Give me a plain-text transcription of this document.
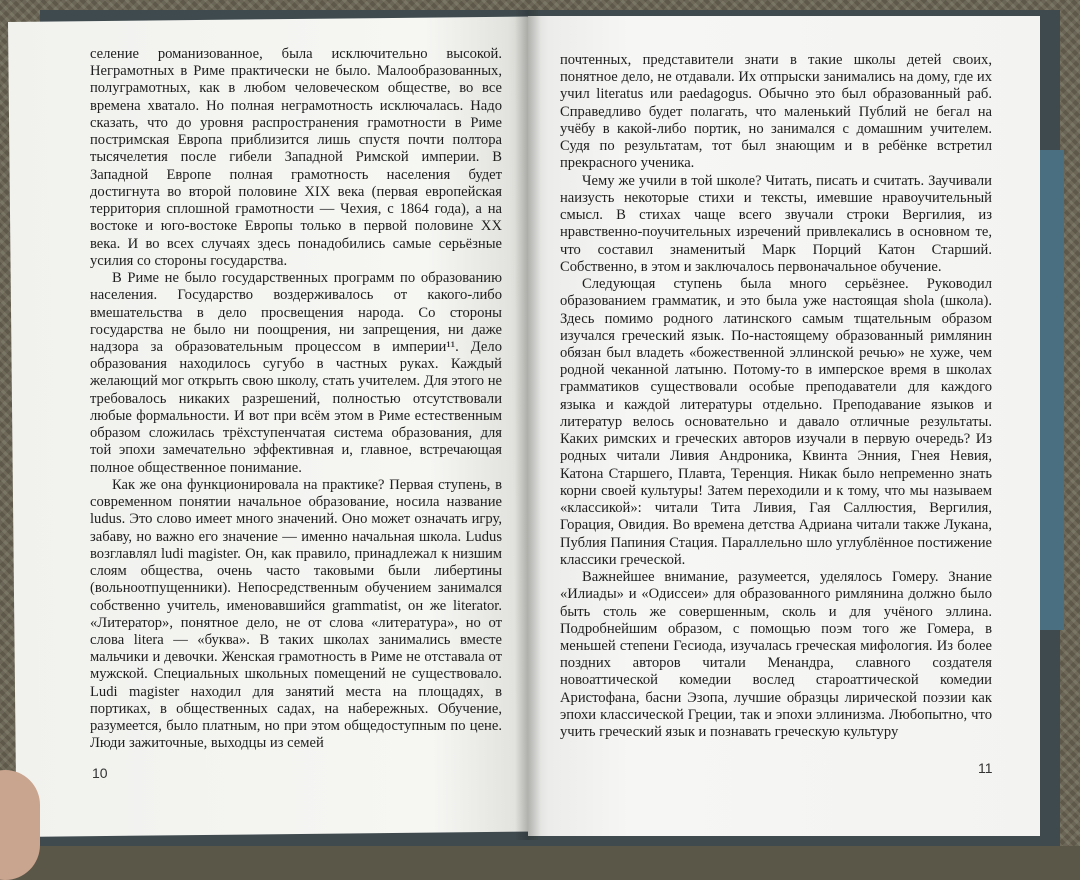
селение романизованное, была исключительно высокой. Неграмотных в Риме практически не было. Малообразованных, полуграмотных, как в любом человеческом обществе, во все времена хватало. Но полная неграмотность исключалась. Надо сказать, что до уровня распространения грамотности в Риме постримская Европа приблизится лишь спустя почти полтора тысячелетия после гибели Западной Римской империи. В Западной Европе полная грамотность населения будет достигнута во второй половине XIX века (первая европейская территория сплошной грамотности — Чехия, с 1864 года), а на востоке и юго-востоке Европы только в первой половине XX века. И во всех случаях здесь понадобились самые серьёзные усилия со стороны государства.

В Риме не было государственных программ по образованию населения. Государство воздерживалось от какого-либо вмешательства в дело просвещения народа. Со стороны государства не было ни поощрения, ни запрещения, ни даже надзора за образовательным процессом в империи¹¹. Дело образования находилось сугубо в частных руках. Каждый желающий мог открыть свою школу, стать учителем. Для этого не требовалось никаких разрешений, полностью отсутствовали любые формальности. И вот при всём этом в Риме естественным образом сложилась трёхступенчатая система образования, для той эпохи замечательно эффективная и, главное, встречающая полное общественное понимание.

Как же она функционировала на практике? Первая ступень, в современном понятии начальное образование, носила название ludus. Это слово имеет много значений. Оно может означать игру, забаву, но важно его значение — именно начальная школа. Ludus возглавлял ludi magister. Он, как правило, принадлежал к низшим слоям общества, очень часто таковыми были либертины (вольноотпущенники). Непосредственным обучением занимался собственно учитель, именовавшийся grammatist, он же literator. «Литератор», понятное дело, не от слова «литература», но от слова litera — «буква». В таких школах занимались вместе мальчики и девочки. Женская грамотность в Риме не отставала от мужской. Специальных школьных помещений не существовало. Ludi magister находил для занятий места на площадях, в портиках, в общественных садах, на набережных. Обучение, разумеется, было платным, но при этом общедоступным по цене. Люди зажиточные, выходцы из семей

почтенных, представители знати в такие школы детей своих, понятное дело, не отдавали. Их отпрыски занимались на дому, где их учил literatus или paedagogus. Обычно это был образованный раб. Справедливо будет полагать, что маленький Публий не бегал на учёбу в какой-либо портик, но занимался с домашним учителем. Судя по результатам, тот был знающим и в ребёнке встретил прекрасного ученика.

Чему же учили в той школе? Читать, писать и считать. Заучивали наизусть некоторые стихи и тексты, имевшие нравоучительный смысл. В стихах чаще всего звучали строки Вергилия, из нравственно-поучительных изречений привлекались в основном те, что составил знаменитый Марк Порций Катон Старший. Собственно, в этом и заключалось первоначальное обучение.

Следующая ступень была много серьёзнее. Руководил образованием грамматик, и это была уже настоящая shola (школа). Здесь помимо родного латинского самым тщательным образом изучался греческий язык. По-настоящему образованный римлянин обязан был владеть «божественной эллинской речью» не хуже, чем родной чеканной латыню. Потому-то в имперское время в школах грамматиков существовали особые преподаватели для каждого языка и каждой литературы отдельно. Преподавание языков и литератур велось основательно и давало отличные результаты. Каких римских и греческих авторов изучали в первую очередь? Из родных читали Ливия Андроника, Квинта Энния, Гнея Невия, Катона Старшего, Плавта, Теренция. Никак было непременно знать корни своей культуры! Затем переходили и к тому, что мы называем «классикой»: читали Тита Ливия, Гая Саллюстия, Вергилия, Горация, Овидия. Во времена детства Адриана читали также Лукана, Публия Папиния Стация. Параллельно шло углублённое постижение классики греческой.

Важнейшее внимание, разумеется, уделялось Гомеру. Знание «Илиады» и «Одиссеи» для образованного римлянина должно было быть столь же совершенным, сколь и для учёного эллина. Подробнейшим образом, с помощью поэм того же Гомера, в меньшей степени Гесиода, изучалась греческая мифология. Из более поздних авторов читали Менандра, славного создателя новоаттической комедии вослед староаттической комедии Аристофана, басни Эзопа, лучшие образцы лирической поэзии как эпохи классической Греции, так и эпохи эллинизма. Любопытно, что учить греческий язык и познавать греческую культуру

10	11
